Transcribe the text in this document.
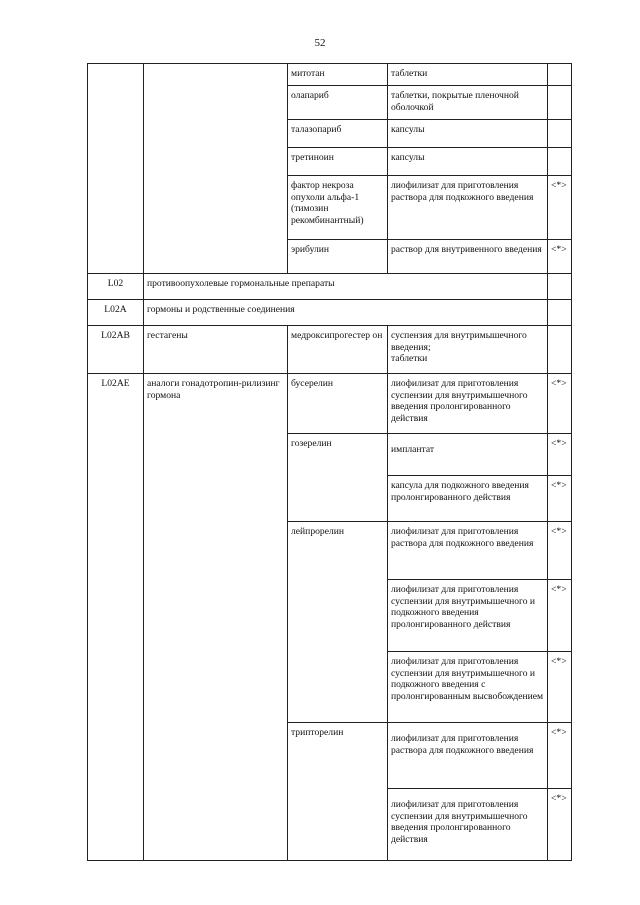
52
		митотан	таблетки	
		олапариб	таблетки, покрытые пленочной оболочкой	
		талазопариб	капсулы	
		третиноин	капсулы	
		фактор некроза опухоли альфа-1 (тимозин рекомбинантный)	лиофилизат для приготовления раствора для подкожного введения	<*>
		эрибулин	раствор для внутривенного введения	<*>
L02	противоопухолевые гормональные препараты			
L02A	гормоны и родственные соединения			
L02AB	гестагены	медроксипрогестер он	суспензия для внутримышечного введения;
таблетки	

L02AE	аналоги гонадотропин-рилизинг гормона	бусерелин	лиофилизат для приготовления суспензии для внутримышечного введения пролонгированного действия	<*>
		гозерелин	имплантат	<*>
			капсула для подкожного введения пролонгированного действия	<*>
		лейпрорелин	лиофилизат для приготовления раствора для подкожного введения	<*>
			лиофилизат для приготовления суспензии для внутримышечного и подкожного введения пролонгированного действия	<*>
			лиофилизат для приготовления суспензии для внутримышечного и подкожного введения с пролонгированным высвобождением	<*>
		трипторелин	лиофилизат для приготовления раствора для подкожного введения	<*>
			лиофилизат для приготовления суспензии для внутримышечного введения пролонгированного действия	<*>
